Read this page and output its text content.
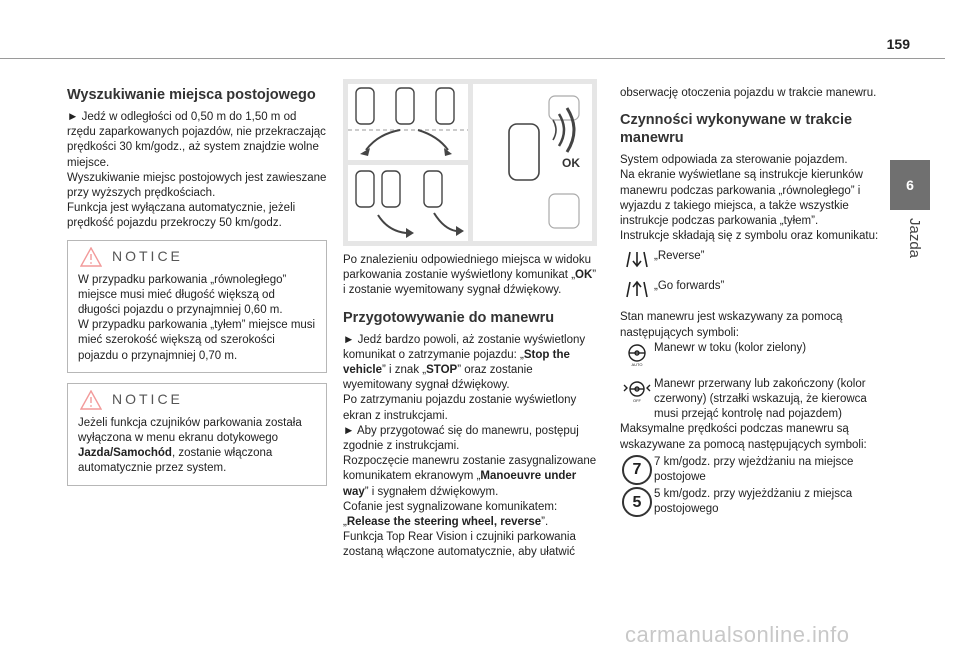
159
6
Jazda
Wyszukiwanie miejsca postojowego

► Jedź w odległości od 0,50 m do 1,50 m od rzędu zaparkowanych pojazdów, nie przekraczając prędkości 30 km/godz., aż system znajdzie wolne miejsce.

Wyszukiwanie miejsc postojowych jest zawieszane przy wyższych prędkościach.

Funkcja jest wyłączana automatycznie, jeżeli prędkość pojazdu przekroczy 50 km/godz.

NOTICE
W przypadku parkowania „równoległego” miejsce musi mieć długość większą od długości pojazdu o przynajmniej 0,60 m.
W przypadku parkowania „tyłem” miejsce musi mieć szerokość większą od szerokości pojazdu o przynajmniej 0,70 m.
NOTICE
Jeżeli funkcja czujników parkowania została wyłączona w menu ekranu dotykowego Jazda/Samochód, zostanie włączona automatycznie przez system.
OK

Po znalezieniu odpowiedniego miejsca w widoku parkowania zostanie wyświetlony komunikat „OK” i zostanie wyemitowany sygnał dźwiękowy.

Przygotowywanie do manewru

► Jedź bardzo powoli, aż zostanie wyświetlony komunikat o zatrzymanie pojazdu: „Stop the vehicle” i znak „STOP” oraz zostanie wyemitowany sygnał dźwiękowy.

Po zatrzymaniu pojazdu zostanie wyświetlony ekran z instrukcjami.

► Aby przygotować się do manewru, postępuj zgodnie z instrukcjami.

Rozpoczęcie manewru zostanie zasygnalizowane komunikatem ekranowym „Manoeuvre under way” i sygnałem dźwiękowym.

Cofanie jest sygnalizowane komunikatem: „Release the steering wheel, reverse”.

Funkcja Top Rear Vision i czujniki parkowania zostaną włączone automatycznie, aby ułatwić

obserwację otoczenia pojazdu w trakcie manewru.

Czynności wykonywane w trakcie manewru

System odpowiada za sterowanie pojazdem.
Na ekranie wyświetlane są instrukcje kierunków manewru podczas parkowania „równoległego” i wyjazdu z takiego miejsca, a także wszystkie instrukcje podczas parkowania „tyłem”.
Instrukcje składają się z symbolu oraz komunikatu:

„Reverse”
„Go forwards”

Stan manewru jest wskazywany za pomocą następujących symboli:

AUTO
Manewr w toku (kolor zielony)
OFF
Manewr przerwany lub zakończony (kolor czerwony) (strzałki wskazują, że kierowca musi przejąć kontrolę nad pojazdem)

Maksymalne prędkości podczas manewru są wskazywane za pomocą następujących symboli:

7	7 km/godz. przy wjeżdżaniu na miejsce postojowe
5	5 km/godz. przy wyjeżdżaniu z miejsca postojowego
carmanualsonline.info
